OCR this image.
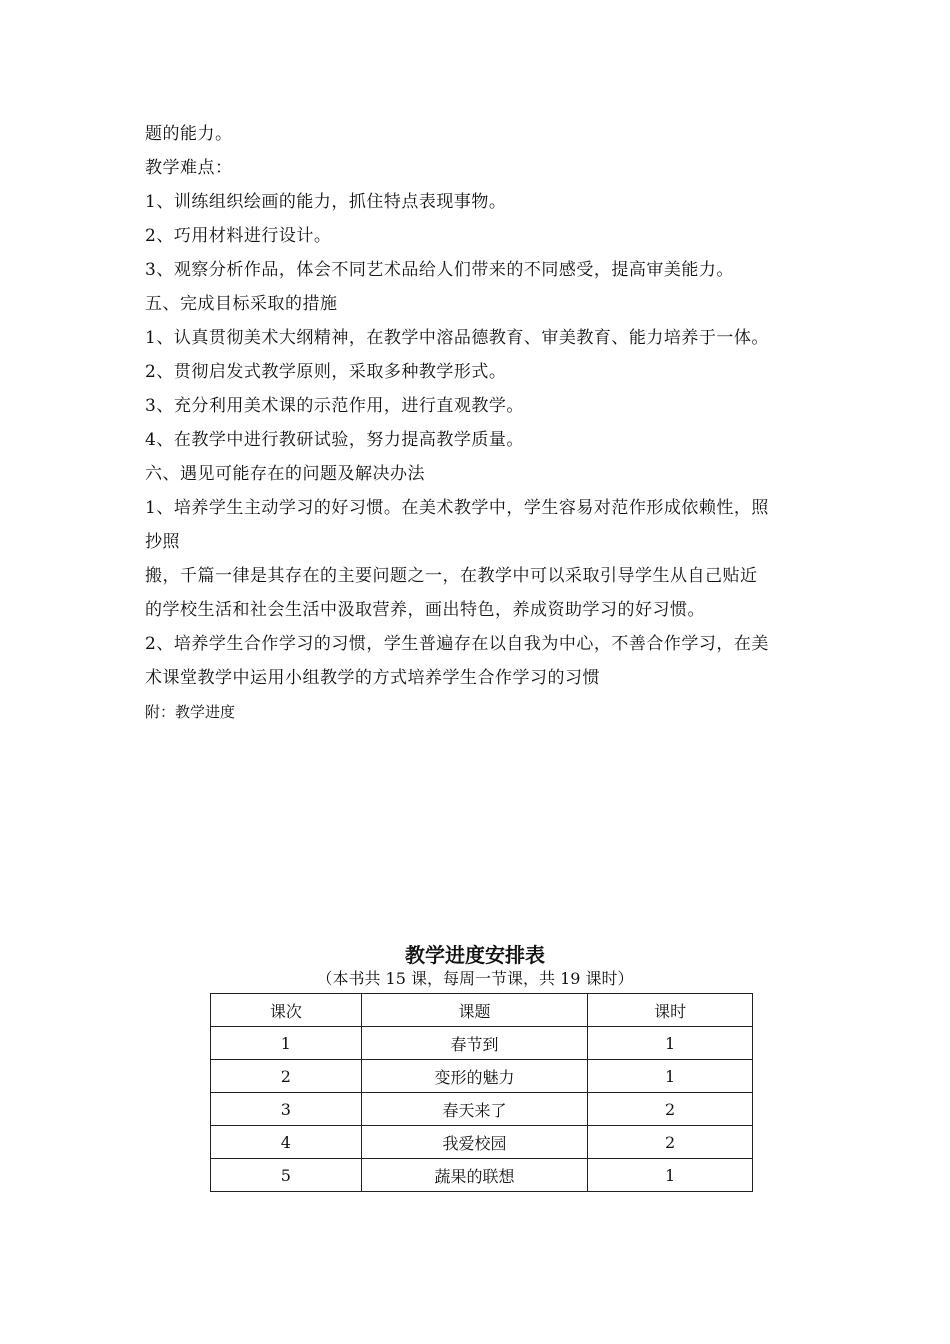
题的能力。
教学难点：
1、训练组织绘画的能力，抓住特点表现事物。
2、巧用材料进行设计。
3、观察分析作品，体会不同艺术品给人们带来的不同感受，提高审美能力。
五、完成目标采取的措施
1、认真贯彻美术大纲精神，在教学中溶品德教育、审美教育、能力培养于一体。
2、贯彻启发式教学原则，采取多种教学形式。
3、充分利用美术课的示范作用，进行直观教学。
4、在教学中进行教研试验，努力提高教学质量。
六、遇见可能存在的问题及解决办法
1、培养学生主动学习的好习惯。在美术教学中，学生容易对范作形成依赖性，照
抄照
搬，千篇一律是其存在的主要问题之一，在教学中可以采取引导学生从自己贴近
的学校生活和社会生活中汲取营养，画出特色，养成资助学习的好习惯。
2、培养学生合作学习的习惯，学生普遍存在以自我为中心，不善合作学习，在美
术课堂教学中运用小组教学的方式培养学生合作学习的习惯
附：教学进度
教学进度安排表
（本书共 15 课，每周一节课，共 19 课时）
课次	课题	课时
1	春节到	1
2	变形的魅力	1
3	春天来了	2
4	我爱校园	2
5	蔬果的联想	1
